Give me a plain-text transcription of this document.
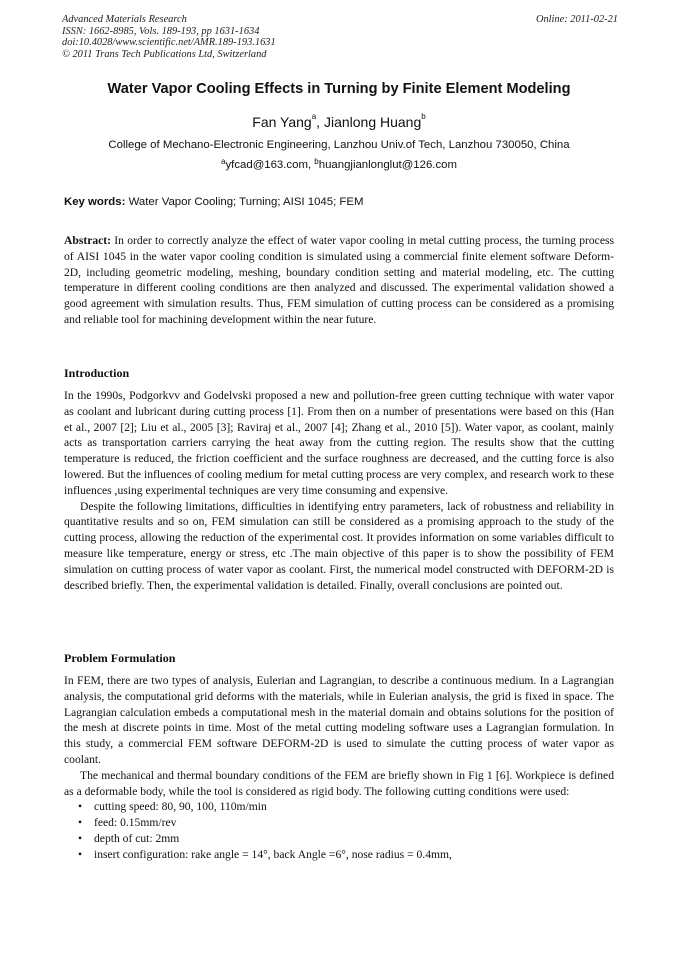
Advanced Materials Research
ISSN: 1662-8985, Vols. 189-193, pp 1631-1634
doi:10.4028/www.scientific.net/AMR.189-193.1631
© 2011 Trans Tech Publications Ltd, Switzerland
Online: 2011-02-21
Water Vapor Cooling Effects in Turning by Finite Element Modeling
Fan Yang$^a$, Jianlong Huang$^b$
College of Mechano-Electronic Engineering, Lanzhou Univ.of Tech, Lanzhou 730050, China
$^a$yfcad@163.com, $^b$huangjianlonglut@126.com
Key words: Water Vapor Cooling; Turning; AISI 1045; FEM
Abstract: In order to correctly analyze the effect of water vapor cooling in metal cutting process, the turning process of AISI 1045 in the water vapor cooling condition is simulated using a commercial finite element software Deform-2D, including geometric modeling, meshing, boundary condition setting and material modeling, etc. The cutting temperature in different cooling conditions are then analyzed and discussed. The experimental validation showed a good agreement with simulation results. Thus, FEM simulation of cutting process can be considered as a promising and reliable tool for machining development within the near future.
Introduction

In the 1990s, Podgorkvv and Godelvski proposed a new and pollution-free green cutting technique with water vapor as coolant and lubricant during cutting process [1]. From then on a number of presentations were based on this (Han et al., 2007 [2]; Liu et al., 2005 [3]; Raviraj et al., 2007 [4]; Zhang et al., 2010 [5]). Water vapor, as coolant, mainly acts as transportation carriers carrying the heat away from the cutting region. The results show that the cutting temperature is reduced, the friction coefficient and the surface roughness are decreased, and the cutting force is also lowered. But the influences of cooling medium for metal cutting process are very complex, and research work to these influences ,using experimental techniques are very time consuming and expensive.

Despite the following limitations, difficulties in identifying entry parameters, lack of robustness and reliability in quantitative results and so on, FEM simulation can still be considered as a promising approach to the study of the cutting process, allowing the reduction of the experimental cost. It provides information on some variables difficult to measure like temperature, energy or stress, etc .The main objective of this paper is to show the possibility of FEM simulation on cutting process of water vapor as coolant. First, the numerical model constructed with DEFORM-2D is described briefly. Then, the experimental validation is detailed. Finally, overall conclusions are pointed out.

Problem Formulation

In FEM, there are two types of analysis, Eulerian and Lagrangian, to describe a continuous medium. In a Lagrangian analysis, the computational grid deforms with the materials, while in Eulerian analysis, the grid is fixed in space. The Lagrangian calculation embeds a computational mesh in the material domain and obtains solutions for the position of the mesh at discrete points in time. Most of the metal cutting modeling software uses a Lagrangian formulation. In this study, a commercial FEM software DEFORM-2D is used to simulate the cutting process of water vapor as coolant.

The mechanical and thermal boundary conditions of the FEM are briefly shown in Fig 1 [6]. Workpiece is defined as a deformable body, while the tool is considered as rigid body. The following cutting conditions were used:

• cutting speed: 80, 90, 100, 110m/min
• feed: 0.15mm/rev
• depth of cut: 2mm
• insert configuration: rake angle = 14°, back Angle =6°, nose radius = 0.4mm,
